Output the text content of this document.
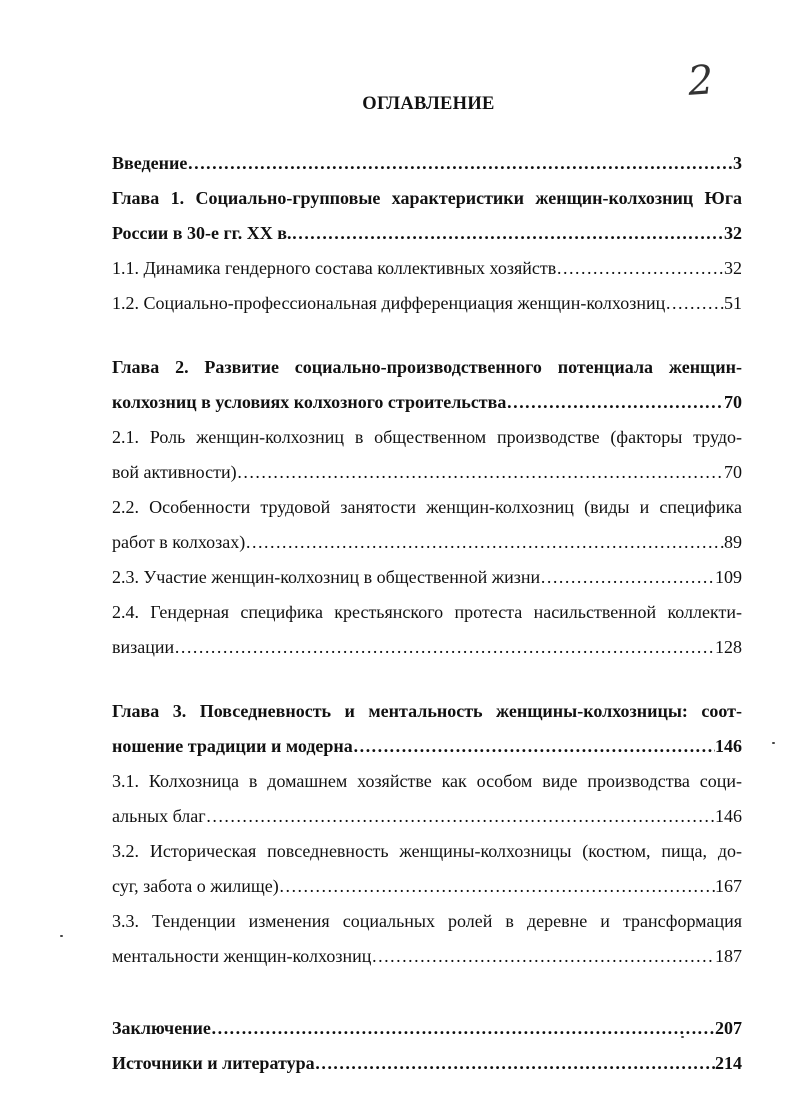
2
ОГЛАВЛЕНИЕ
Введение …………………………………………………………………………………………………………………………………………………………………………	3
Глава 1. Социально-групповые характеристики женщин-колхозниц Юга
России в 30-е гг. XX в. …………………………………………………………………………………………………………………………………………………………………………	32
1.1. Динамика гендерного состава коллективных хозяйств …………………………………………………………………………………………………………………………………………………………………………	32
1.2. Социально-профессиональная дифференциация женщин-колхозниц …………………………………………………………………………………………………………………………………………………………………………	51
Глава 2. Развитие социально-производственного потенциала женщин-
колхозниц в условиях колхозного строительства …………………………………………………………………………………………………………………………………………………………………………	70
2.1. Роль женщин-колхозниц в общественном производстве (факторы трудо-
вой активности) …………………………………………………………………………………………………………………………………………………………………………	70
2.2. Особенности трудовой занятости женщин-колхозниц (виды и специфика
работ в колхозах) …………………………………………………………………………………………………………………………………………………………………………	89
2.3. Участие женщин-колхозниц в общественной жизни …………………………………………………………………………………………………………………………………………………………………………	109
2.4. Гендерная специфика крестьянского протеста насильственной коллекти-
визации …………………………………………………………………………………………………………………………………………………………………………	128
Глава 3. Повседневность и ментальность женщины-колхозницы: соот-
ношение традиции и модерна …………………………………………………………………………………………………………………………………………………………………………	146
3.1. Колхозница в домашнем хозяйстве как особом виде производства соци-
альных благ …………………………………………………………………………………………………………………………………………………………………………	146
3.2. Историческая повседневность женщины-колхозницы (костюм, пища, до-
суг, забота о жилище) …………………………………………………………………………………………………………………………………………………………………………	167
3.3. Тенденции изменения социальных ролей в деревне и трансформация
ментальности женщин-колхозниц …………………………………………………………………………………………………………………………………………………………………………	187
Заключение …………………………………………………………………………………………………………………………………………………………………………	207
Источники и литература …………………………………………………………………………………………………………………………………………………………………………	214
